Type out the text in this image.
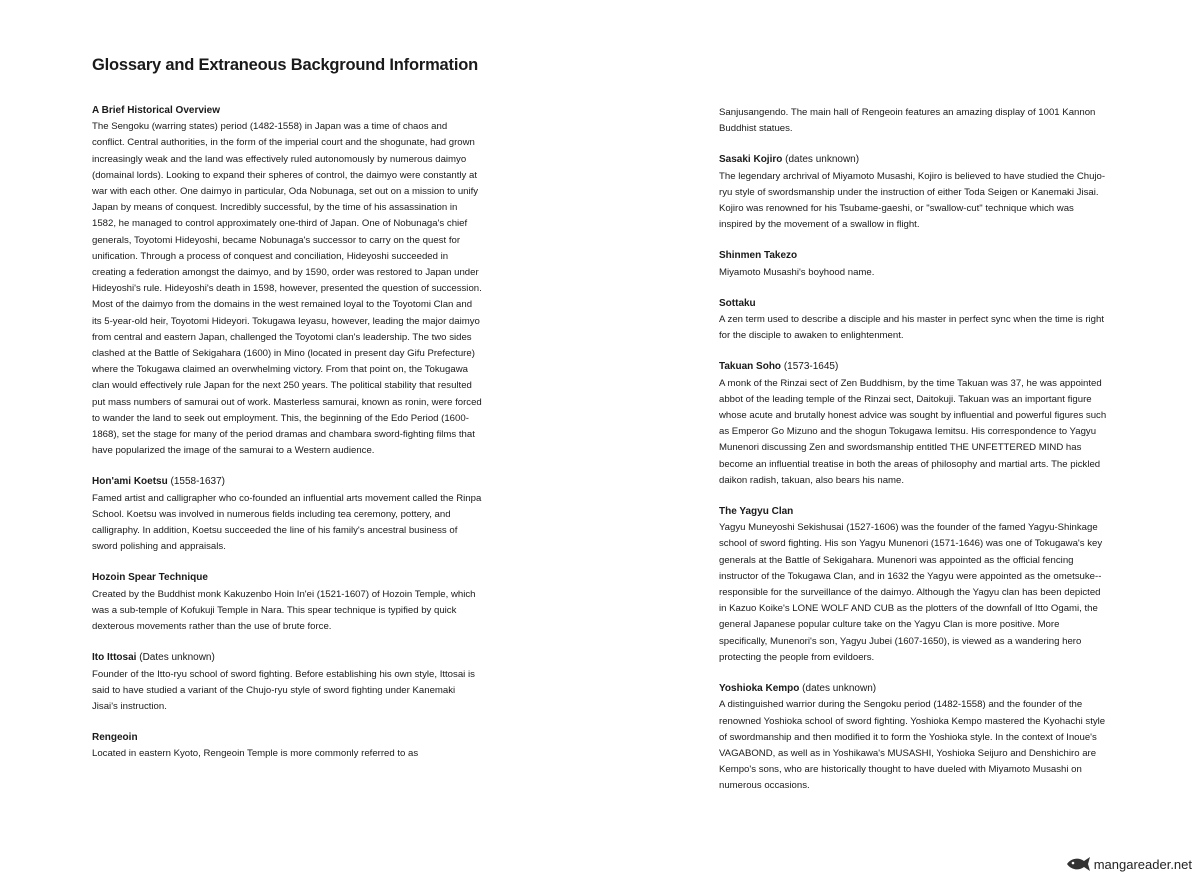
Glossary and Extraneous Background Information

A Brief Historical Overview

The Sengoku (warring states) period (1482-1558) in Japan was a time of chaos and conflict. Central authorities, in the form of the imperial court and the shogunate, had grown increasingly weak and the land was effectively ruled autonomously by numerous daimyo (domainal lords). Looking to expand their spheres of control, the daimyo were constantly at war with each other. One daimyo in particular, Oda Nobunaga, set out on a mission to unify Japan by means of conquest. Incredibly successful, by the time of his assassination in 1582, he managed to control approximately one-third of Japan. One of Nobunaga's chief generals, Toyotomi Hideyoshi, became Nobunaga's successor to carry on the quest for unification. Through a process of conquest and conciliation, Hideyoshi succeeded in creating a federation amongst the daimyo, and by 1590, order was restored to Japan under Hideyoshi's rule. Hideyoshi's death in 1598, however, presented the question of succession. Most of the daimyo from the domains in the west remained loyal to the Toyotomi Clan and its 5-year-old heir, Toyotomi Hideyori. Tokugawa Ieyasu, however, leading the major daimyo from central and eastern Japan, challenged the Toyotomi clan's leadership. The two sides clashed at the Battle of Sekigahara (1600) in Mino (located in present day Gifu Prefecture) where the Tokugawa claimed an overwhelming victory. From that point on, the Tokugawa clan would effectively rule Japan for the next 250 years. The political stability that resulted put mass numbers of samurai out of work. Masterless samurai, known as ronin, were forced to wander the land to seek out employment. This, the beginning of the Edo Period (1600-1868), set the stage for many of the period dramas and chambara sword-fighting films that have popularized the image of the samurai to a Western audience.

Hon'ami Koetsu (1558-1637)

Famed artist and calligrapher who co-founded an influential arts movement called the Rinpa School. Koetsu was involved in numerous fields including tea ceremony, pottery, and calligraphy. In addition, Koetsu succeeded the line of his family's ancestral business of sword polishing and appraisals.

Hozoin Spear Technique

Created by the Buddhist monk Kakuzenbo Hoin In'ei (1521-1607) of Hozoin Temple, which was a sub-temple of Kofukuji Temple in Nara. This spear technique is typified by quick dexterous movements rather than the use of brute force.

Ito Ittosai (Dates unknown)

Founder of the Itto-ryu school of sword fighting. Before establishing his own style, Ittosai is said to have studied a variant of the Chujo-ryu style of sword fighting under Kanemaki Jisai's instruction.

Rengeoin

Located in eastern Kyoto, Rengeoin Temple is more commonly referred to as

Sanjusangendo. The main hall of Rengeoin features an amazing display of 1001 Kannon Buddhist statues.

Sasaki Kojiro (dates unknown)

The legendary archrival of Miyamoto Musashi, Kojiro is believed to have studied the Chujo-ryu style of swordsmanship under the instruction of either Toda Seigen or Kanemaki Jisai. Kojiro was renowned for his Tsubame-gaeshi, or "swallow-cut" technique which was inspired by the movement of a swallow in flight.

Shinmen Takezo

Miyamoto Musashi's boyhood name.

Sottaku

A zen term used to describe a disciple and his master in perfect sync when the time is right for the disciple to awaken to enlightenment.

Takuan Soho (1573-1645)

A monk of the Rinzai sect of Zen Buddhism, by the time Takuan was 37, he was appointed abbot of the leading temple of the Rinzai sect, Daitokuji. Takuan was an important figure whose acute and brutally honest advice was sought by influential and powerful figures such as Emperor Go Mizuno and the shogun Tokugawa Iemitsu. His correspondence to Yagyu Munenori discussing Zen and swordsmanship entitled THE UNFETTERED MIND has become an influential treatise in both the areas of philosophy and martial arts. The pickled daikon radish, takuan, also bears his name.

The Yagyu Clan

Yagyu Muneyoshi Sekishusai (1527-1606) was the founder of the famed Yagyu-Shinkage school of sword fighting. His son Yagyu Munenori (1571-1646) was one of Tokugawa's key generals at the Battle of Sekigahara. Munenori was appointed as the official fencing instructor of the Tokugawa Clan, and in 1632 the Yagyu were appointed as the ometsuke--responsible for the surveillance of the daimyo. Although the Yagyu clan has been depicted in Kazuo Koike's LONE WOLF AND CUB as the plotters of the downfall of Itto Ogami, the general Japanese popular culture take on the Yagyu Clan is more positive. More specifically, Munenori's son, Yagyu Jubei (1607-1650), is viewed as a wandering hero protecting the people from evildoers.

Yoshioka Kempo (dates unknown)

A distinguished warrior during the Sengoku period (1482-1558) and the founder of the renowned Yoshioka school of sword fighting. Yoshioka Kempo mastered the Kyohachi style of swordmanship and then modified it to form the Yoshioka style. In the context of Inoue's VAGABOND, as well as in Yoshikawa's MUSASHI, Yoshioka Seijuro and Denshichiro are Kempo's sons, who are historically thought to have dueled with Miyamoto Musashi on numerous occasions.

mangareader.net
